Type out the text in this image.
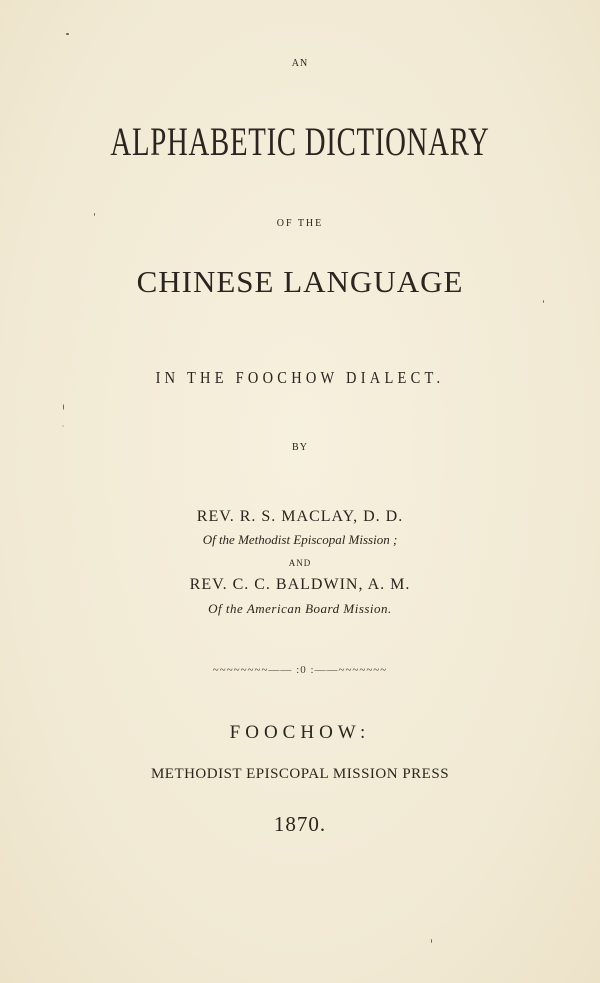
AN
ALPHABETIC DICTIONARY
OF THE
CHINESE LANGUAGE
IN THE FOOCHOW DIALECT.
BY
REV. R. S. MACLAY, D. D.
Of the Methodist Episcopal Mission ;
AND
REV. C. C. BALDWIN, A. M.
Of the American Board Mission.
~~~~~~~~—— :0 :——~~~~~~~
FOOCHOW:
METHODIST EPISCOPAL MISSION PRESS
1870.
